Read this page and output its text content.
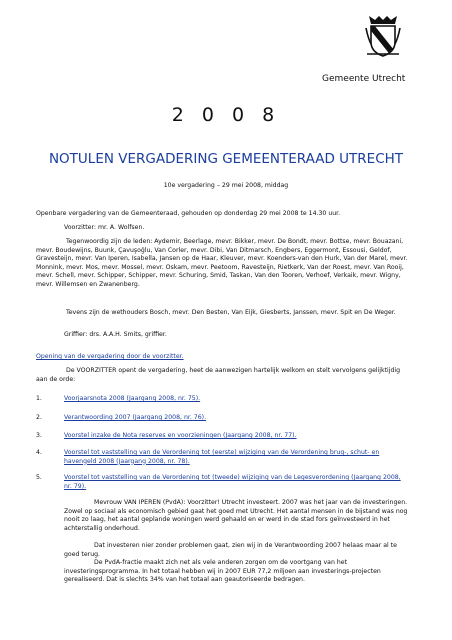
Gemeente Utrecht
2 0 0 8
NOTULEN VERGADERING GEMEENTERAAD UTRECHT
10e vergadering – 29 mei 2008, middag

Openbare vergadering van de Gemeenteraad, gehouden op donderdag 29 mei 2008 te 14.30 uur.

Voorzitter: mr. A. Wolfsen.

Tegenwoordig zijn de leden: Aydemir, Beerlage, mevr. Bikker, mevr. De Bondt, mevr. Bottse, mevr. Bouazani, mevr. Boudewijns, Buunk, Çavuşoğlu, Van Corler, mevr. Dibi, Van Ditmarsch, Engbers, Eggermont, Essousi, Geldof, Gravesteijn, mevr. Van Iperen, Isabella, Jansen op de Haar, Kleuver, mevr. Koenders-van den Hurk, Van der Marel, mevr. Monnink, mevr. Mos, mevr. Mossel, mevr. Oskam, mevr. Peetoom, Ravesteijn, Rietkerk, Van der Roest, mevr. Van Rooij, mevr. Schell, mevr. Schipper, Schipper, mevr. Schuring, Smid, Taskan, Van den Tooren, Verhoef, Verkaik, mevr. Wigny, mevr. Willemsen en Zwanenberg.

Tevens zijn de wethouders Bosch, mevr. Den Besten, Van Eijk, Giesberts, Janssen, mevr. Spit en De Weger.

Griffier: drs. A.A.H. Smits, griffier.

Opening van de vergadering door de voorzitter.

De VOORZITTER opent de vergadering, heet de aanwezigen hartelijk welkom en stelt vervolgens gelijktijdig aan de orde:

1.	Voorjaarsnota 2008 (Jaargang 2008, nr. 75).
2.	Verantwoording 2007 (Jaargang 2008, nr. 76).
3.	Voorstel inzake de Nota reserves en voorzieningen (Jaargang 2008, nr. 77).
4.	Voorstel tot vaststelling van de Verordening tot (eerste) wijziging van de Verordening brug-, schut- en havengeld 2008 (Jaargang 2008, nr. 78).
5.	Voorstel tot vaststelling van de Verordening tot (tweede) wijziging van de Legesverordening (Jaargang 2008, nr. 79).

Mevrouw VAN IPEREN (PvdA): Voorzitter! Utrecht investeert. 2007 was het jaar van de investeringen. Zowel op sociaal als economisch gebied gaat het goed met Utrecht. Het aantal mensen in de bijstand was nog nooit zo laag, het aantal geplande woningen werd gehaald en er werd in de stad fors geïnvesteerd in het achterstallig onderhoud.

Dat investeren nier zonder problemen gaat, zien wij in de Verantwoording 2007 helaas maar al te goed terug.

De PvdA-fractie maakt zich net als vele anderen zorgen om de voortgang van het investeringsprogramma. In het totaal hebben wij in 2007 EUR 77,2 miljoen aan investerings-projecten gerealiseerd. Dat is slechts 34% van het totaal aan geautoriseerde bedragen.
